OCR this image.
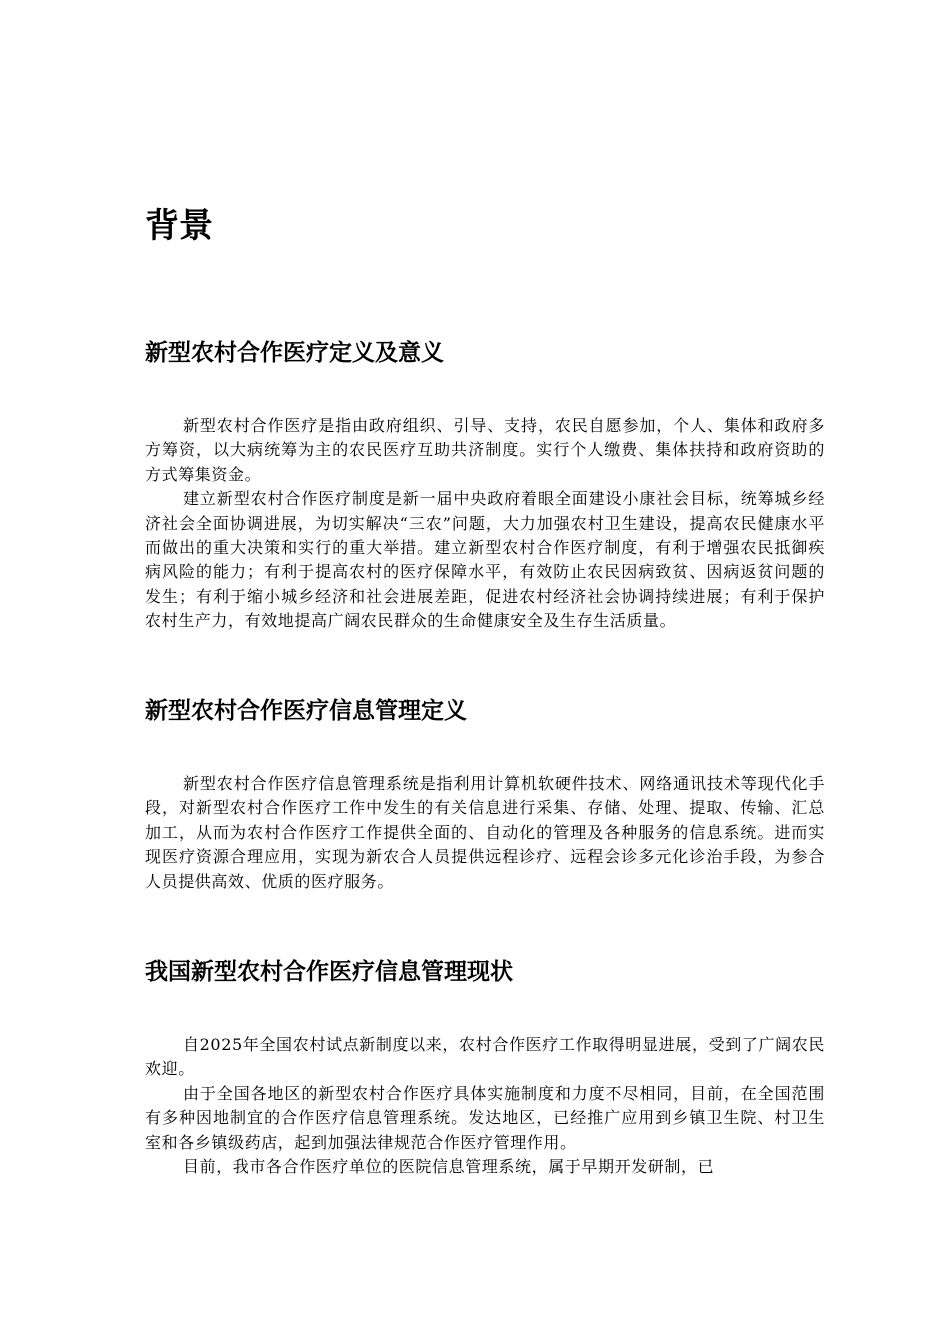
背景
新型农村合作医疗定义及意义

新型农村合作医疗是指由政府组织、引导、支持，农民自愿参加，个人、集体和政府多方筹资，以大病统筹为主的农民医疗互助共济制度。实行个人缴费、集体扶持和政府资助的方式筹集资金。

建立新型农村合作医疗制度是新一届中央政府着眼全面建设小康社会目标，统筹城乡经济社会全面协调进展，为切实解决“三农”问题，大力加强农村卫生建设，提高农民健康水平而做出的重大决策和实行的重大举措。建立新型农村合作医疗制度，有利于增强农民抵御疾病风险的能力；有利于提高农村的医疗保障水平，有效防止农民因病致贫、因病返贫问题的发生；有利于缩小城乡经济和社会进展差距，促进农村经济社会协调持续进展；有利于保护农村生产力，有效地提高广阔农民群众的生命健康安全及生存生活质量。

新型农村合作医疗信息管理定义

新型农村合作医疗信息管理系统是指利用计算机软硬件技术、网络通讯技术等现代化手段，对新型农村合作医疗工作中发生的有关信息进行采集、存储、处理、提取、传输、汇总加工，从而为农村合作医疗工作提供全面的、自动化的管理及各种服务的信息系统。进而实现医疗资源合理应用，实现为新农合人员提供远程诊疗、远程会诊多元化诊治手段，为参合人员提供高效、优质的医疗服务。

我国新型农村合作医疗信息管理现状

自2025年全国农村试点新制度以来，农村合作医疗工作取得明显进展，受到了广阔农民欢迎。

由于全国各地区的新型农村合作医疗具体实施制度和力度不尽相同，目前，在全国范围有多种因地制宜的合作医疗信息管理系统。发达地区，已经推广应用到乡镇卫生院、村卫生室和各乡镇级药店，起到加强法律规范合作医疗管理作用。

目前，我市各合作医疗单位的医院信息管理系统，属于早期开发研制，已
